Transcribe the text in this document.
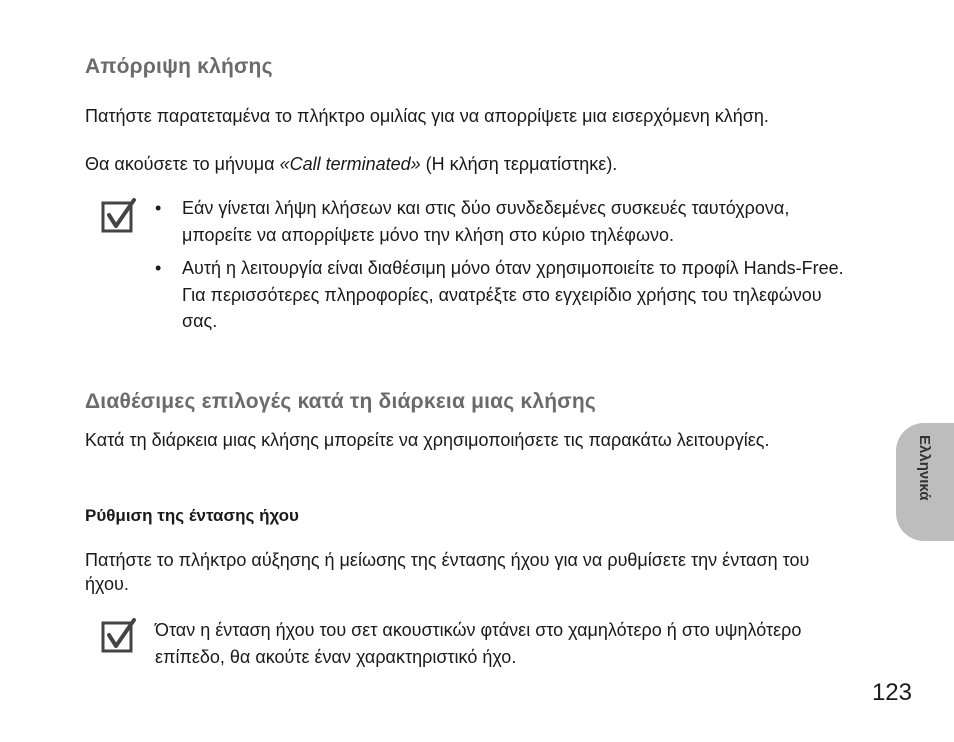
Απόρριψη κλήσης

Πατήστε παρατεταμένα το πλήκτρο ομιλίας για να απορρίψετε μια εισερχόμενη κλήση.

Θα ακούσετε το μήνυμα «Call terminated» (Η κλήση τερματίστηκε).

• Εάν γίνεται λήψη κλήσεων και στις δύο συνδεδεμένες συσκευές ταυτόχρονα, μπορείτε να απορρίψετε μόνο την κλήση στο κύριο τηλέφωνο.
• Αυτή η λειτουργία είναι διαθέσιμη μόνο όταν χρησιμοποιείτε το προφίλ Hands-Free. Για περισσότερες πληροφορίες, ανατρέξτε στο εγχειρίδιο χρήσης του τηλεφώνου σας.
Διαθέσιμες επιλογές κατά τη διάρκεια μιας κλήσης

Κατά τη διάρκεια μιας κλήσης μπορείτε να χρησιμοποιήσετε τις παρακάτω λειτουργίες.

Ρύθμιση της έντασης ήχου

Πατήστε το πλήκτρο αύξησης ή μείωσης της έντασης ήχου για να ρυθμίσετε την ένταση του ήχου.

Όταν η ένταση ήχου του σετ ακουστικών φτάνει στο χαμηλότερο ή στο υψηλότερο επίπεδο, θα ακούτε έναν χαρακτηριστικό ήχο.

Ελληνικά
123
